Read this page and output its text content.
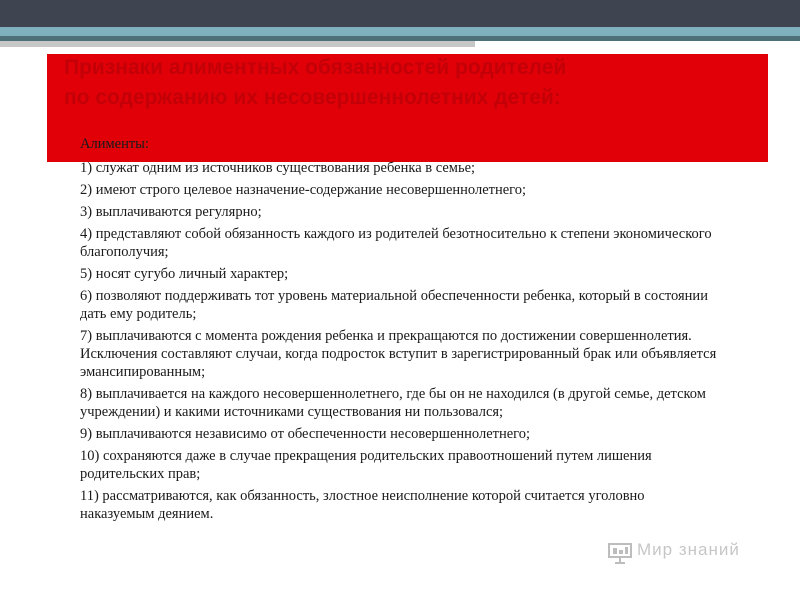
Признаки алиментных обязанностей родителей
по содержанию их несовершеннолетних детей:

Алименты:

1) служат одним из источников существования ребенка в семье;

2) имеют строго целевое назначение-содержание несовершеннолетнего;

3) выплачиваются регулярно;

4) представляют собой обязанность каждого из родителей безотносительно к степени экономического благополучия;

5) носят сугубо личный характер;

6) позволяют поддерживать тот уровень материальной обеспеченности ребенка, который в состоянии дать ему родитель;

7) выплачиваются с момента рождения ребенка и прекращаются по достижении совершеннолетия. Исключения составляют случаи, когда подросток вступит в зарегистрированный брак или объявляется эмансипированным;

8) выплачивается на каждого несовершеннолетнего, где бы он не находился (в другой семье, детском учреждении) и какими источниками существования ни пользовался;

9) выплачиваются независимо от обеспеченности несовершеннолетнего;

10) сохраняются даже в случае прекращения родительских правоотношений путем лишения родительских прав;

11) рассматриваются, как обязанность, злостное неисполнение которой считается уголовно наказуемым деянием.

Мир знаний
